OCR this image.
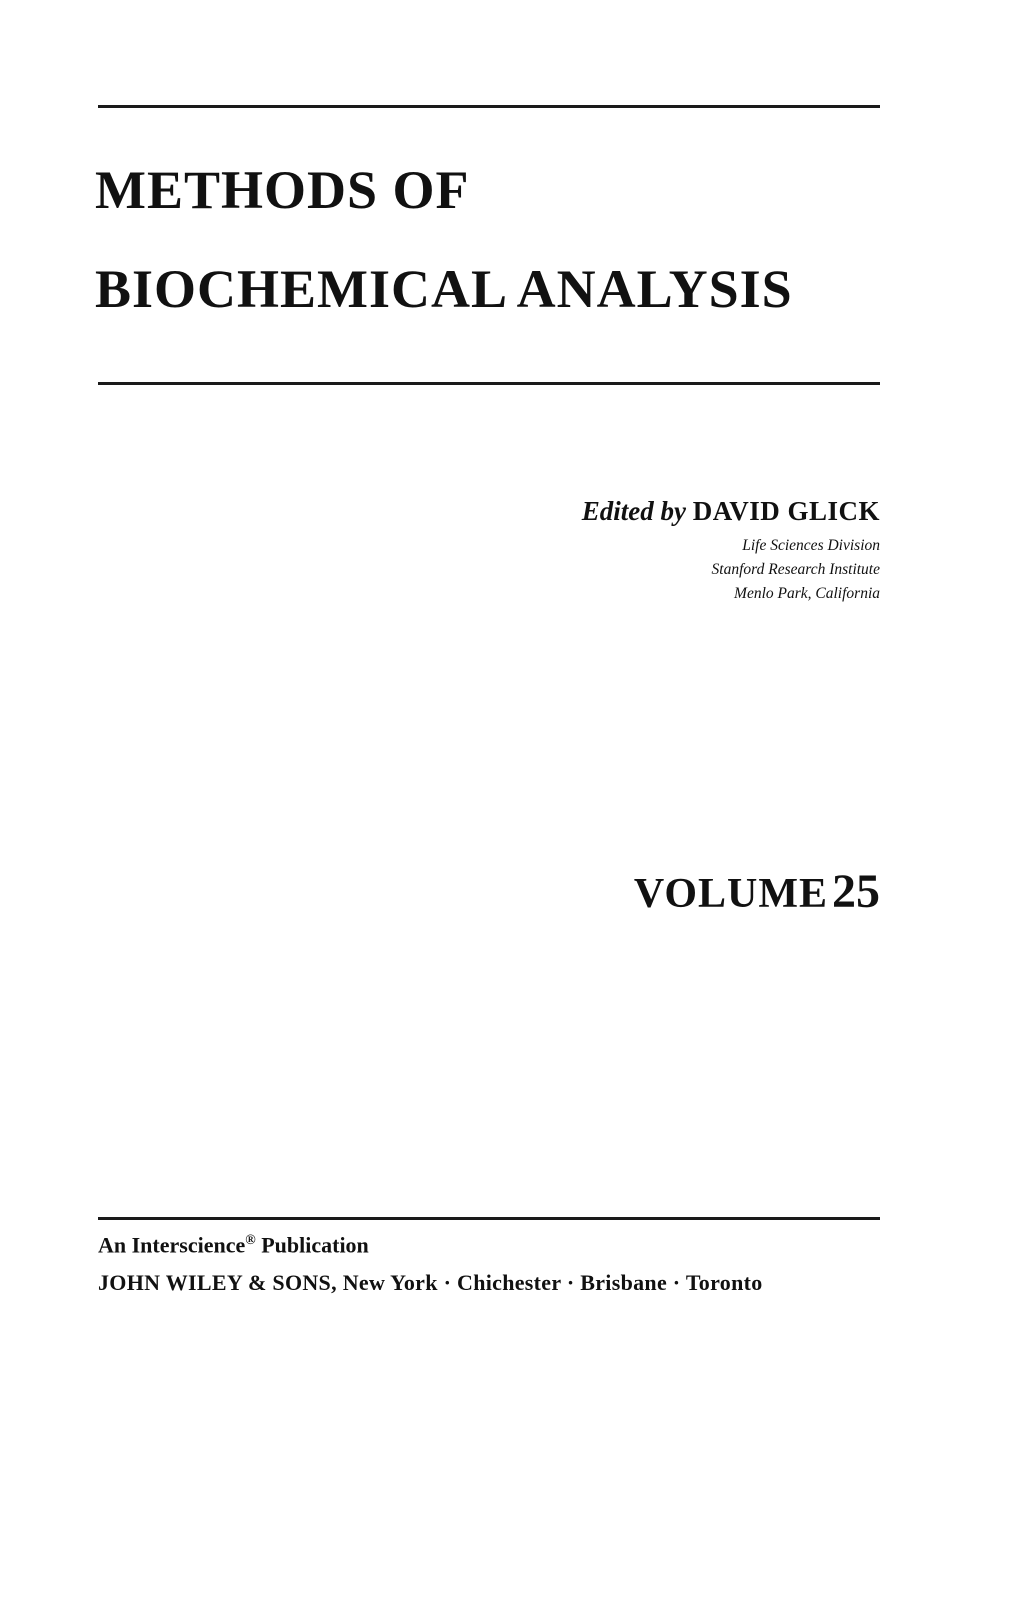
METHODS OF
BIOCHEMICAL ANALYSIS
Edited by DAVID GLICK
Life Sciences Division
Stanford Research Institute
Menlo Park, California
VOLUME 25
An Interscience® Publication
JOHN WILEY & SONS, New York · Chichester · Brisbane · Toronto
